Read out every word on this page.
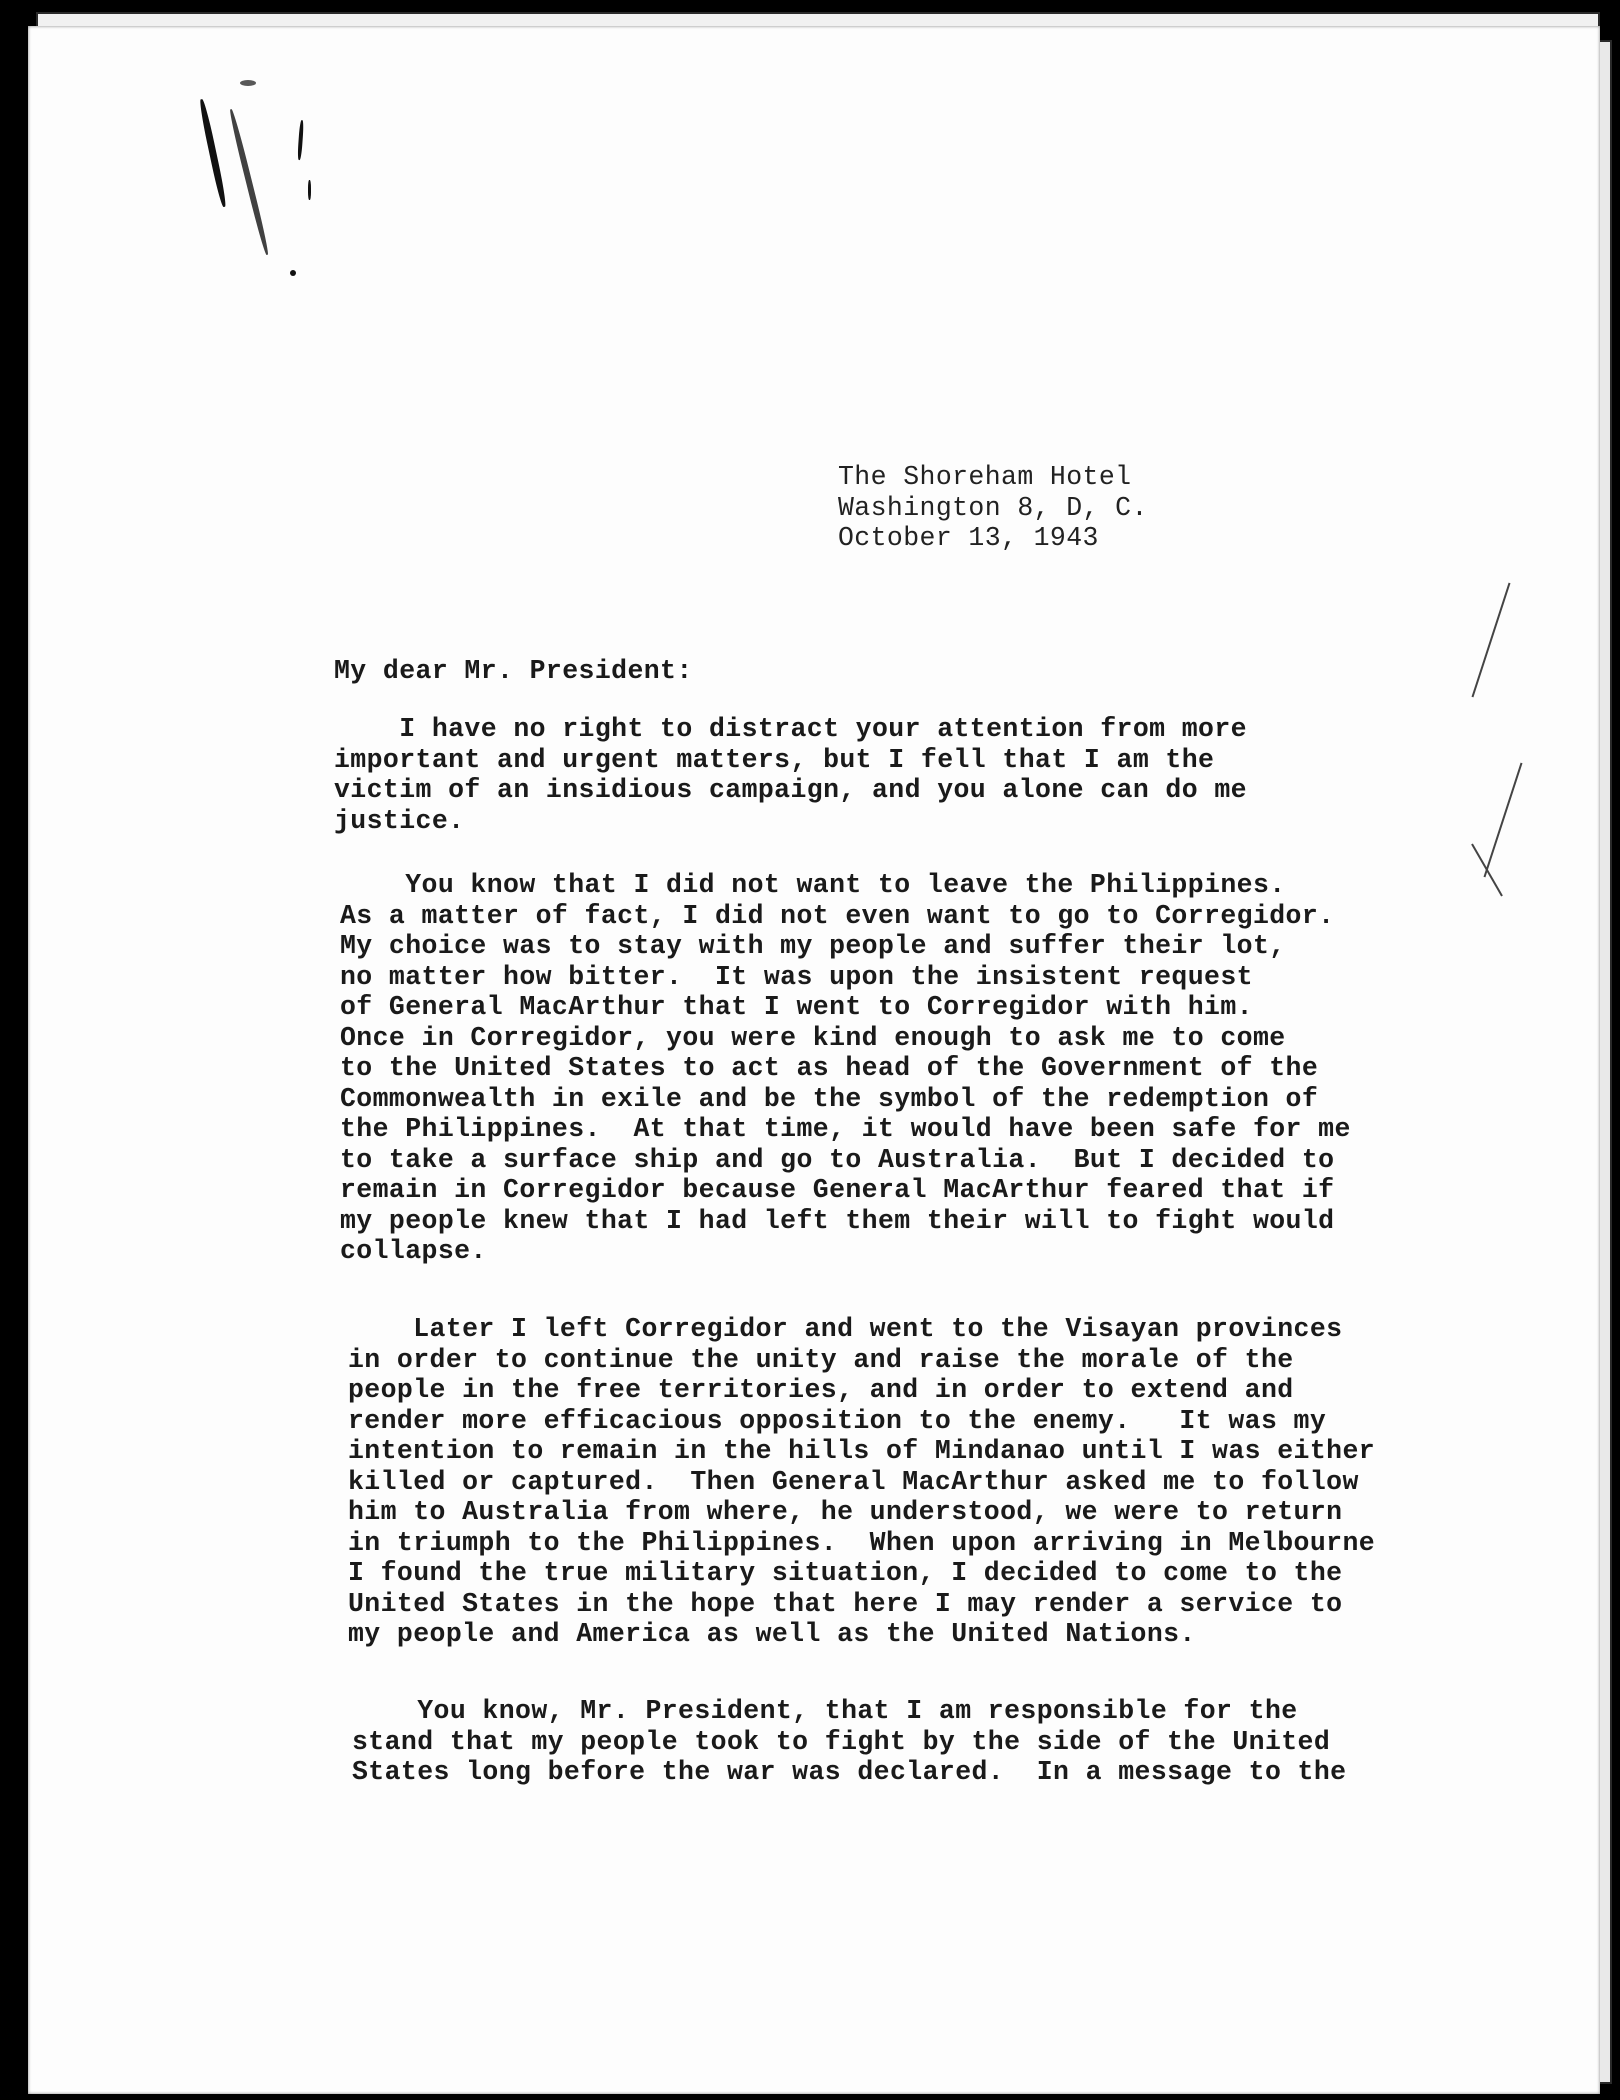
The Shoreham Hotel
Washington 8, D, C.
October 13, 1943
My dear Mr. President:
I have no right to distract your attention from more
important and urgent matters, but I fell that I am the
victim of an insidious campaign, and you alone can do me
justice.
You know that I did not want to leave the Philippines.
As a matter of fact, I did not even want to go to Corregidor.
My choice was to stay with my people and suffer their lot,
no matter how bitter.  It was upon the insistent request
of General MacArthur that I went to Corregidor with him.
Once in Corregidor, you were kind enough to ask me to come
to the United States to act as head of the Government of the
Commonwealth in exile and be the symbol of the redemption of
the Philippines.  At that time, it would have been safe for me
to take a surface ship and go to Australia.  But I decided to
remain in Corregidor because General MacArthur feared that if
my people knew that I had left them their will to fight would
collapse.
Later I left Corregidor and went to the Visayan provinces
in order to continue the unity and raise the morale of the
people in the free territories, and in order to extend and
render more efficacious opposition to the enemy.   It was my
intention to remain in the hills of Mindanao until I was either
killed or captured.  Then General MacArthur asked me to follow
him to Australia from where, he understood, we were to return
in triumph to the Philippines.  When upon arriving in Melbourne
I found the true military situation, I decided to come to the
United States in the hope that here I may render a service to
my people and America as well as the United Nations.
You know, Mr. President, that I am responsible for the
stand that my people took to fight by the side of the United
States long before the war was declared.  In a message to the
